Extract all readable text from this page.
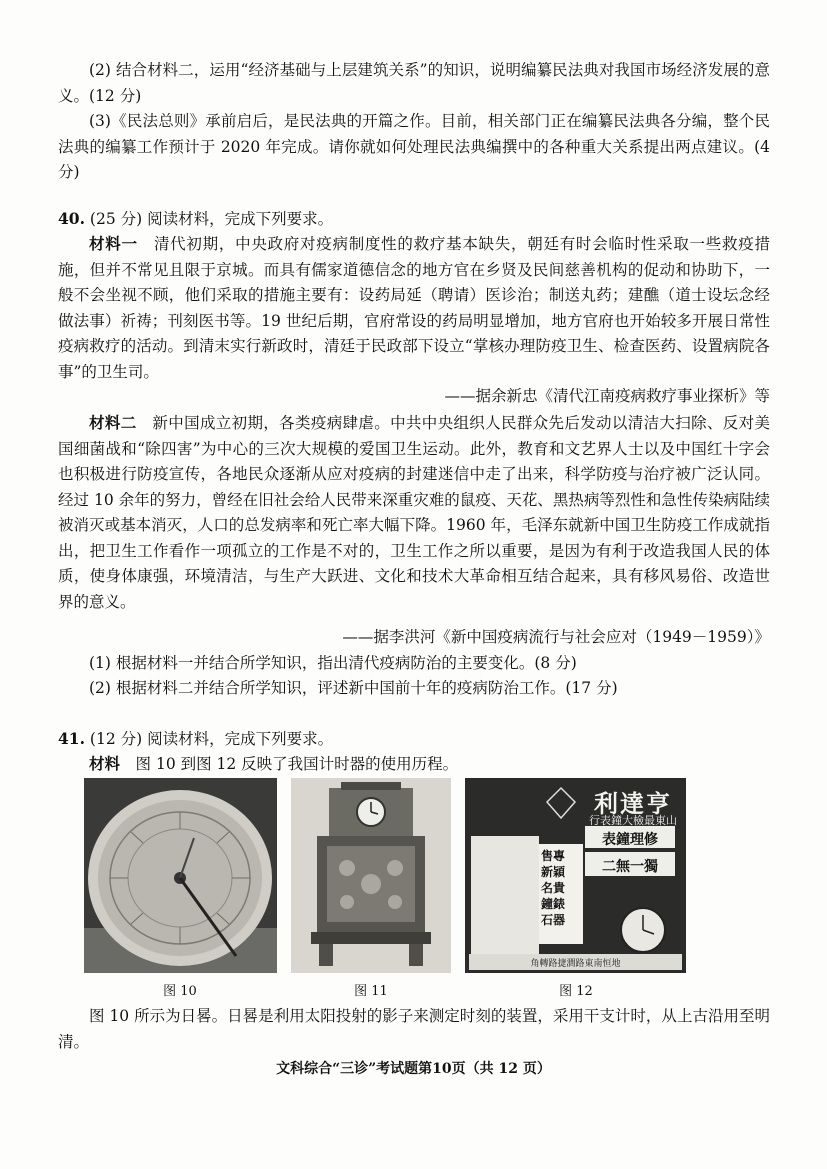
(2) 结合材料二，运用“经济基础与上层建筑关系”的知识，说明编纂民法典对我国市场经济发展的意义。(12 分)

(3)《民法总则》承前启后，是民法典的开篇之作。目前，相关部门正在编纂民法典各分编，整个民法典的编纂工作预计于 2020 年完成。请你就如何处理民法典编撰中的各种重大关系提出两点建议。(4 分)

40. (25 分) 阅读材料，完成下列要求。

材料一　 清代初期，中央政府对疫病制度性的救疗基本缺失，朝廷有时会临时性采取一些救疫措施，但并不常见且限于京城。而具有儒家道德信念的地方官在乡贤及民间慈善机构的促动和协助下，一般不会坐视不顾，他们采取的措施主要有：设药局延（聘请）医诊治；制送丸药；建醮（道士设坛念经做法事）祈祷；刊刻医书等。19 世纪后期，官府常设的药局明显增加，地方官府也开始较多开展日常性疫病救疗的活动。到清末实行新政时，清廷于民政部下设立“掌核办理防疫卫生、检查医药、设置病院各事”的卫生司。

——据余新忠《清代江南疫病救疗事业探析》等

材料二　 新中国成立初期，各类疫病肆虐。中共中央组织人民群众先后发动以清洁大扫除、反对美国细菌战和“除四害”为中心的三次大规模的爱国卫生运动。此外，教育和文艺界人士以及中国红十字会也积极进行防疫宣传，各地民众逐渐从应对疫病的封建迷信中走了出来，科学防疫与治疗被广泛认同。经过 10 余年的努力，曾经在旧社会给人民带来深重灾难的鼠疫、天花、黑热病等烈性和急性传染病陆续被消灭或基本消灭，人口的总发病率和死亡率大幅下降。1960 年，毛泽东就新中国卫生防疫工作成就指出，把卫生工作看作一项孤立的工作是不对的，卫生工作之所以重要，是因为有利于改造我国人民的体质，使身体康强，环境清洁，与生产大跃进、文化和技术大革命相互结合起来，具有移风易俗、改造世界的意义。

——据李洪河《新中国疫病流行与社会应对（1949－1959）》

(1) 根据材料一并结合所学知识，指出清代疫病防治的主要变化。(8 分)

(2) 根据材料二并结合所学知识，评述新中国前十年的疫病防治工作。(17 分)

41. (12 分) 阅读材料，完成下列要求。

材料　 图 10 到图 12 反映了我国计时器的使用历程。

图 10	图 11
利達亨
行表鐘大檢最東山
表鐘理修
二無一獨
售專 新穎 名貴 鐘錶 石器
角轉路捷澗路東南恒地
图 12

图 10 所示为日晷。日晷是利用太阳投射的影子来测定时刻的装置，采用干支计时，从上古沿用至明清。

文科综合“三诊”考试题第10页（共 12 页）
